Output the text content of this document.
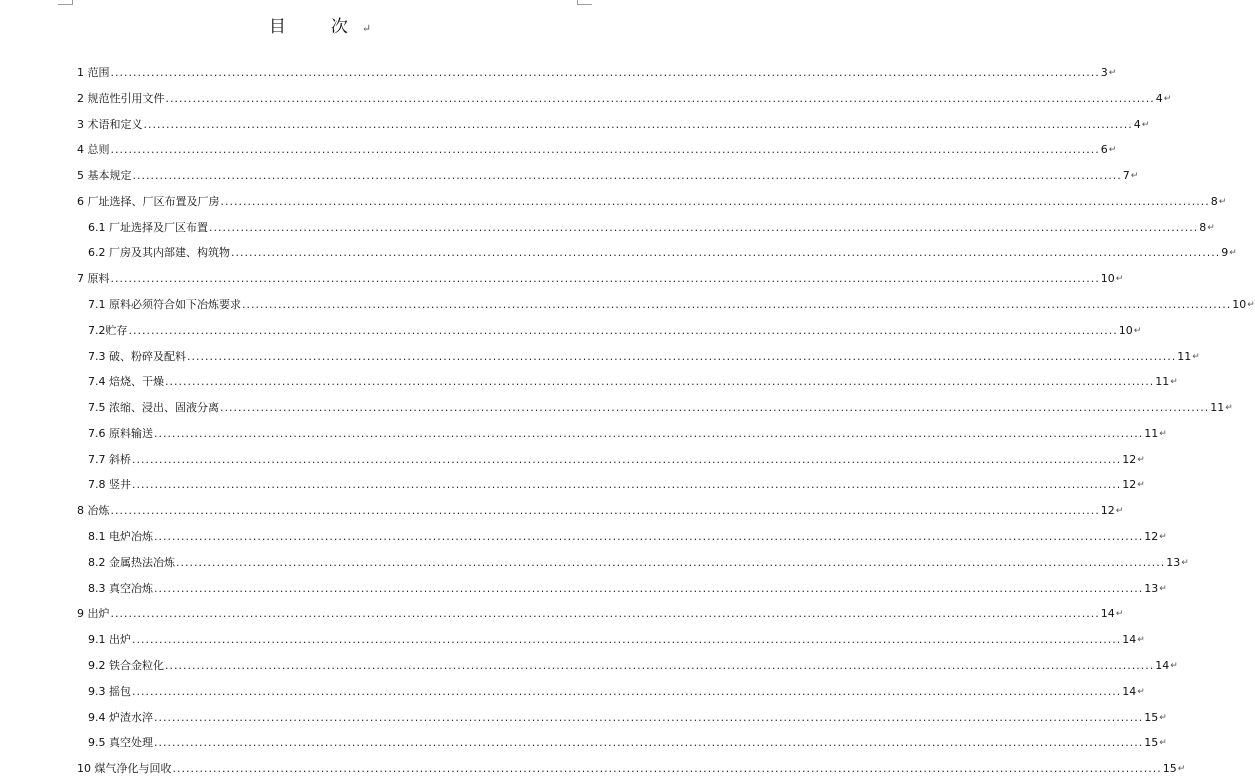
目　次↵
1 范围 ............................................................................................................................................................................................................................ 3 ↵
2 规范性引用文件 ............................................................................................................................................................................................................................ 4 ↵
3 术语和定义 ............................................................................................................................................................................................................................ 4 ↵
4 总则 ............................................................................................................................................................................................................................ 6 ↵
5 基本规定 ............................................................................................................................................................................................................................ 7 ↵
6 厂址选择、厂区布置及厂房 ............................................................................................................................................................................................................................ 8 ↵
6.1 厂址选择及厂区布置 ............................................................................................................................................................................................................................ 8 ↵
6.2 厂房及其内部建、构筑物 ............................................................................................................................................................................................................................ 9 ↵
7 原料 ............................................................................................................................................................................................................................ 10 ↵
7.1 原料必须符合如下冶炼要求 ............................................................................................................................................................................................................................ 10 ↵
7.2贮存 ............................................................................................................................................................................................................................ 10 ↵
7.3 破、粉碎及配料 ............................................................................................................................................................................................................................ 11 ↵
7.4 焙烧、干燥 ............................................................................................................................................................................................................................ 11 ↵
7.5 浓缩、浸出、固液分离 ............................................................................................................................................................................................................................ 11 ↵
7.6 原料输送 ............................................................................................................................................................................................................................ 11 ↵
7.7 斜桥 ............................................................................................................................................................................................................................ 12 ↵
7.8 竖井 ............................................................................................................................................................................................................................ 12 ↵
8 冶炼 ............................................................................................................................................................................................................................ 12 ↵
8.1 电炉冶炼 ............................................................................................................................................................................................................................ 12 ↵
8.2 金属热法冶炼 ............................................................................................................................................................................................................................ 13 ↵
8.3 真空冶炼 ............................................................................................................................................................................................................................ 13 ↵
9 出炉 ............................................................................................................................................................................................................................ 14 ↵
9.1 出炉 ............................................................................................................................................................................................................................ 14 ↵
9.2 铁合金粒化 ............................................................................................................................................................................................................................ 14 ↵
9.3 摇包 ............................................................................................................................................................................................................................ 14 ↵
9.4 炉渣水淬 ............................................................................................................................................................................................................................ 15 ↵
9.5 真空处理 ............................................................................................................................................................................................................................ 15 ↵
10 煤气净化与回收 ............................................................................................................................................................................................................................ 15 ↵
